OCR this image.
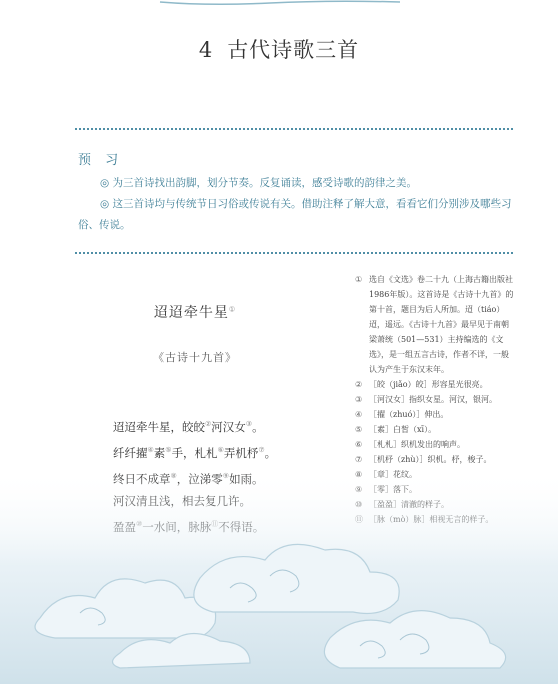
4 古代诗歌三首
预 习

◎ 为三首诗找出韵脚，划分节奏。反复诵读，感受诗歌的韵律之美。

◎ 这三首诗均与传统节日习俗或传说有关。借助注释了解大意，看看它们分别涉及哪些习俗、传说。

迢迢牵牛星①
《古诗十九首》
迢迢牵牛星，皎皎②河汉女③。
纤纤擢④素⑤手，札札⑥弄机杼⑦。
① 选自《文选》卷二十九（上海古籍出版社1986年版）。这首诗是《古诗十九首》的第十首，题目为后人所加。迢（tiáo）迢，遥远。《古诗十九首》最早见于南朝梁萧统（501—531）主持编选的《文选》，是一组五言古诗，作者不详，一般认为产生于东汉末年。
② ［皎（jiǎo）皎］形容星光很亮。
③ ［河汉女］指织女星。河汉，银河。
④ ［擢（zhuó）］伸出。
⑤ ［素］白皙（xī）。
⑥ ［札札］织机发出的响声。
⑦ ［机杼（zhù）］织机。杼，梭子。
